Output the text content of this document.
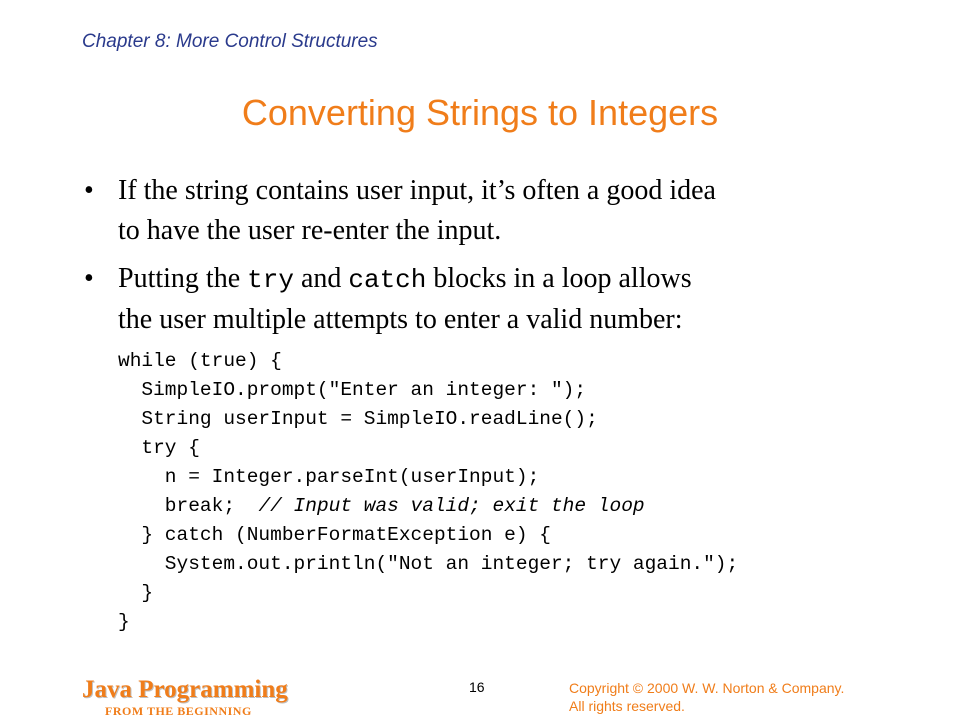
Chapter 8: More Control Structures
Converting Strings to Integers
• If the string contains user input, it’s often a good idea
to have the user re-enter the input.
• Putting the try and catch blocks in a loop allows
the user multiple attempts to enter a valid number:
while (true) {
SimpleIO.prompt("Enter an integer: ");
String userInput = SimpleIO.readLine();
try {
n = Integer.parseInt(userInput);
break;  // Input was valid; exit the loop
} catch (NumberFormatException e) {
System.out.println("Not an integer; try again.");
}
}
Java Programming
FROM THE BEGINNING
16	Copyright © 2000 W. W. Norton & Company.
All rights reserved.
